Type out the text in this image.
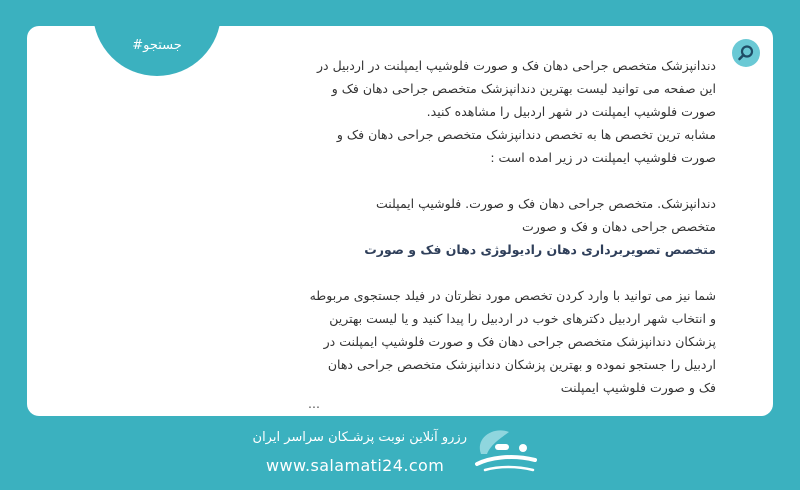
#جستجو

دندانپزشک متخصص جراحی دهان فک و صورت فلوشیپ ایمپلنت در اردبیل در این صفحه می توانید لیست بهترین دندانپزشک متخصص جراحی دهان فک و صورت فلوشیپ ایمپلنت در شهر اردبیل را مشاهده کنید.

مشابه ترین تخصص ها به تخصص دندانپزشک متخصص جراحی دهان فک و صورت فلوشیپ ایمپلنت در زیر امده است :

دندانپزشک. متخصص جراحی دهان فک و صورت. فلوشیپ ایمپلنت

متخصص جراحی دهان و فک و صورت

متخصص تصویربرداری دهان رادیولوژی دهان فک و صورت

شما نیز می توانید با وارد کردن تخصص مورد نظرتان در فیلد جستجوی مربوطه و انتخاب شهر اردبیل دکترهای خوب در اردبیل را پیدا کنید و یا لیست بهترین پزشکان دندانپزشک متخصص جراحی دهان فک و صورت فلوشیپ ایمپلنت در اردبیل را جستجو نموده و بهترین پزشکان دندانپزشک متخصص جراحی دهان فک و صورت فلوشیپ ایمپلنت

...

رزرو آنلاین نوبت پزشـکان سراسر ایران
www.salamati24.com
